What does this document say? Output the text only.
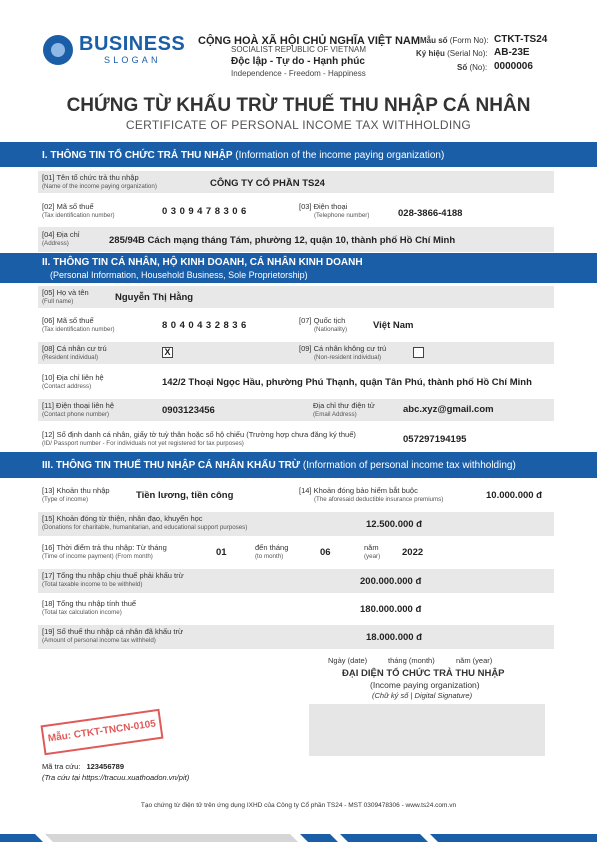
BUSINESS
SLOGAN
CỘNG HOÀ XÃ HỘI CHỦ NGHĨA VIỆT NAM
SOCIALIST REPUBLIC OF VIETNAM
Độc lập - Tự do - Hạnh phúc
Independence - Freedom - Happiness
Mẫu số (Form No): CTKT-TS24
Ký hiệu (Serial No): AB-23E
Số (No): 0000006
CHỨNG TỪ KHẤU TRỪ THUẾ THU NHẬP CÁ NHÂN
CERTIFICATE OF PERSONAL INCOME TAX WITHHOLDING
I. THÔNG TIN TỔ CHỨC TRẢ THU NHẬP (Information of the income paying organization)
[01] Tên tổ chức trả thu nhập
(Name of the income paying organization)	CÔNG TY CỔ PHẦN TS24
[02] Mã số thuế
(Tax identification number)	0309478306	[03] Điện thoại
(Telephone number)	028-3866-4188
[04] Địa chỉ
(Address)	285/94B Cách mạng tháng Tám, phường 12, quận 10, thành phố Hồ Chí Minh
II. THÔNG TIN CÁ NHÂN, HỘ KINH DOANH, CÁ NHÂN KINH DOANH
(Personal Information, Household Business, Sole Proprietorship)
[05] Họ và tên
(Full name)	Nguyễn Thị Hằng
[06] Mã số thuế
(Tax identification number)	8040432836	[07] Quốc tịch
(Nationality)	Việt Nam
[08] Cá nhân cư trú
(Resident individual)
X	[09] Cá nhân không cư trú
(Non-resident individual)
[10] Địa chỉ liên hệ
(Contact address)	142/2 Thoại Ngọc Hầu, phường Phú Thạnh, quận Tân Phú, thành phố Hồ Chí Minh
[11] Điện thoại liên hệ
(Contact phone number)	0903123456	Địa chỉ thư điện tử
(Email Address)	abc.xyz@gmail.com
[12] Số định danh cá nhân, giấy tờ tuỳ thân hoặc số hộ chiếu (Trường hợp chưa đăng ký thuế)
(ID/ Passport number - For individuals not yet registered for tax purposes)	057297194195
III. THÔNG TIN THUẾ THU NHẬP CÁ NHÂN KHẤU TRỪ (Information of personal income tax withholding)
[13] Khoản thu nhập
(Type of income)	Tiền lương, tiền công	[14] Khoản đóng bảo hiểm bắt buộc
(The aforesaid deductible insurance premiums)	10.000.000 đ
[15] Khoản đóng từ thiện, nhân đạo, khuyến học
(Donations for charitable, humanitarian, and educational support purposes)	12.500.000 đ
[16] Thời điểm trả thu nhập: Từ tháng
(Time of income payment) (From month)	01	đến tháng
(to month)	06	năm
(year) 2022
[17] Tổng thu nhập chịu thuế phải khấu trừ
(Total taxable income to be withheld)	200.000.000 đ
[18] Tổng thu nhập tính thuế
(Total tax calculation income)	180.000.000 đ
[19] Số thuế thu nhập cá nhân đã khấu trừ
(Amount of personal income tax withheld)	18.000.000 đ
Ngày (date)	tháng (month)	năm (year)
ĐẠI DIỆN TỔ CHỨC TRẢ THU NHẬP
(Income paying organization)
(Chữ ký số | Digital Signature)
Mẫu: CTKT-TNCN-0105
Mã tra cứu: 123456789
(Tra cứu tại https://tracuu.xuathoadon.vn/pit)
Tạo chứng từ điện tử trên ứng dụng IXHD của Công ty Cổ phần TS24 - MST 0309478306 - www.ts24.com.vn
